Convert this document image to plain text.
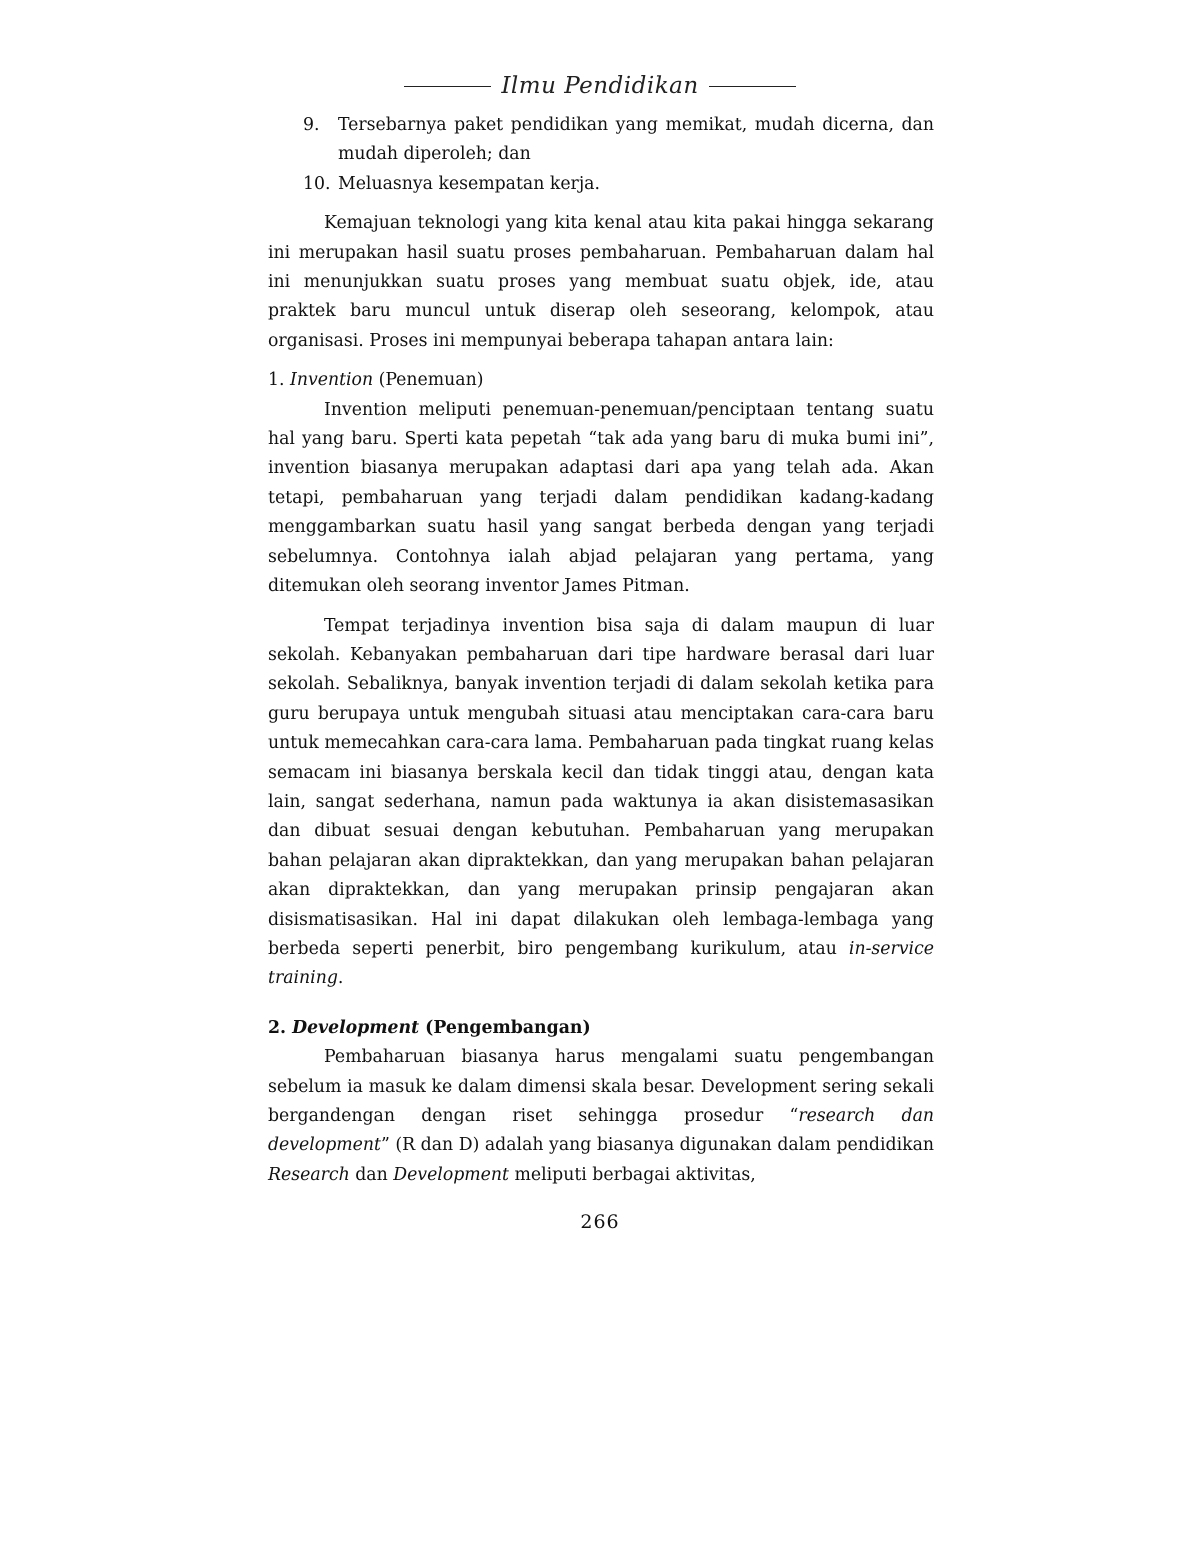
Ilmu Pendidikan
9.	Tersebarnya paket pendidikan yang memikat, mudah dicerna, dan mudah diperoleh; dan
10. Meluasnya kesempatan kerja.

Kemajuan teknologi yang kita kenal atau kita pakai hingga sekarang ini merupakan hasil suatu proses pembaharuan. Pembaharuan dalam hal ini menunjukkan suatu proses yang membuat suatu objek, ide, atau praktek baru muncul untuk diserap oleh seseorang, kelompok, atau organisasi. Proses ini mempunyai beberapa tahapan antara lain:

1. Invention (Penemuan)

Invention meliputi penemuan-penemuan/penciptaan tentang suatu hal yang baru. Sperti kata pepetah “tak ada yang baru di muka bumi ini”, invention biasanya merupakan adaptasi dari apa yang telah ada. Akan tetapi, pembaharuan yang terjadi dalam pendidikan kadang-kadang menggambarkan suatu hasil yang sangat berbeda dengan yang terjadi sebelumnya. Contohnya ialah abjad pelajaran yang pertama, yang ditemukan oleh seorang inventor James Pitman.

Tempat terjadinya invention bisa saja di dalam maupun di luar sekolah. Kebanyakan pembaharuan dari tipe hardware berasal dari luar sekolah. Sebaliknya, banyak invention terjadi di dalam sekolah ketika para guru berupaya untuk mengubah situasi atau menciptakan cara-cara baru untuk memecahkan cara-cara lama. Pembaharuan pada tingkat ruang kelas semacam ini biasanya berskala kecil dan tidak tinggi atau, dengan kata lain, sangat sederhana, namun pada waktunya ia akan disistemasasikan dan dibuat sesuai dengan kebutuhan. Pembaharuan yang merupakan bahan pelajaran akan dipraktekkan, dan yang merupakan bahan pelajaran akan dipraktekkan, dan yang merupakan prinsip pengajaran akan disismatisasikan. Hal ini dapat dilakukan oleh lembaga-lembaga yang berbeda seperti penerbit, biro pengembang kurikulum, atau in-service training.

2. Development (Pengembangan)

Pembaharuan biasanya harus mengalami suatu pengembangan sebelum ia masuk ke dalam dimensi skala besar. Development sering sekali bergandengan dengan riset sehingga prosedur “research dan development” (R dan D) adalah yang biasanya digunakan dalam pendidikan Research dan Development meliputi berbagai aktivitas,

266
